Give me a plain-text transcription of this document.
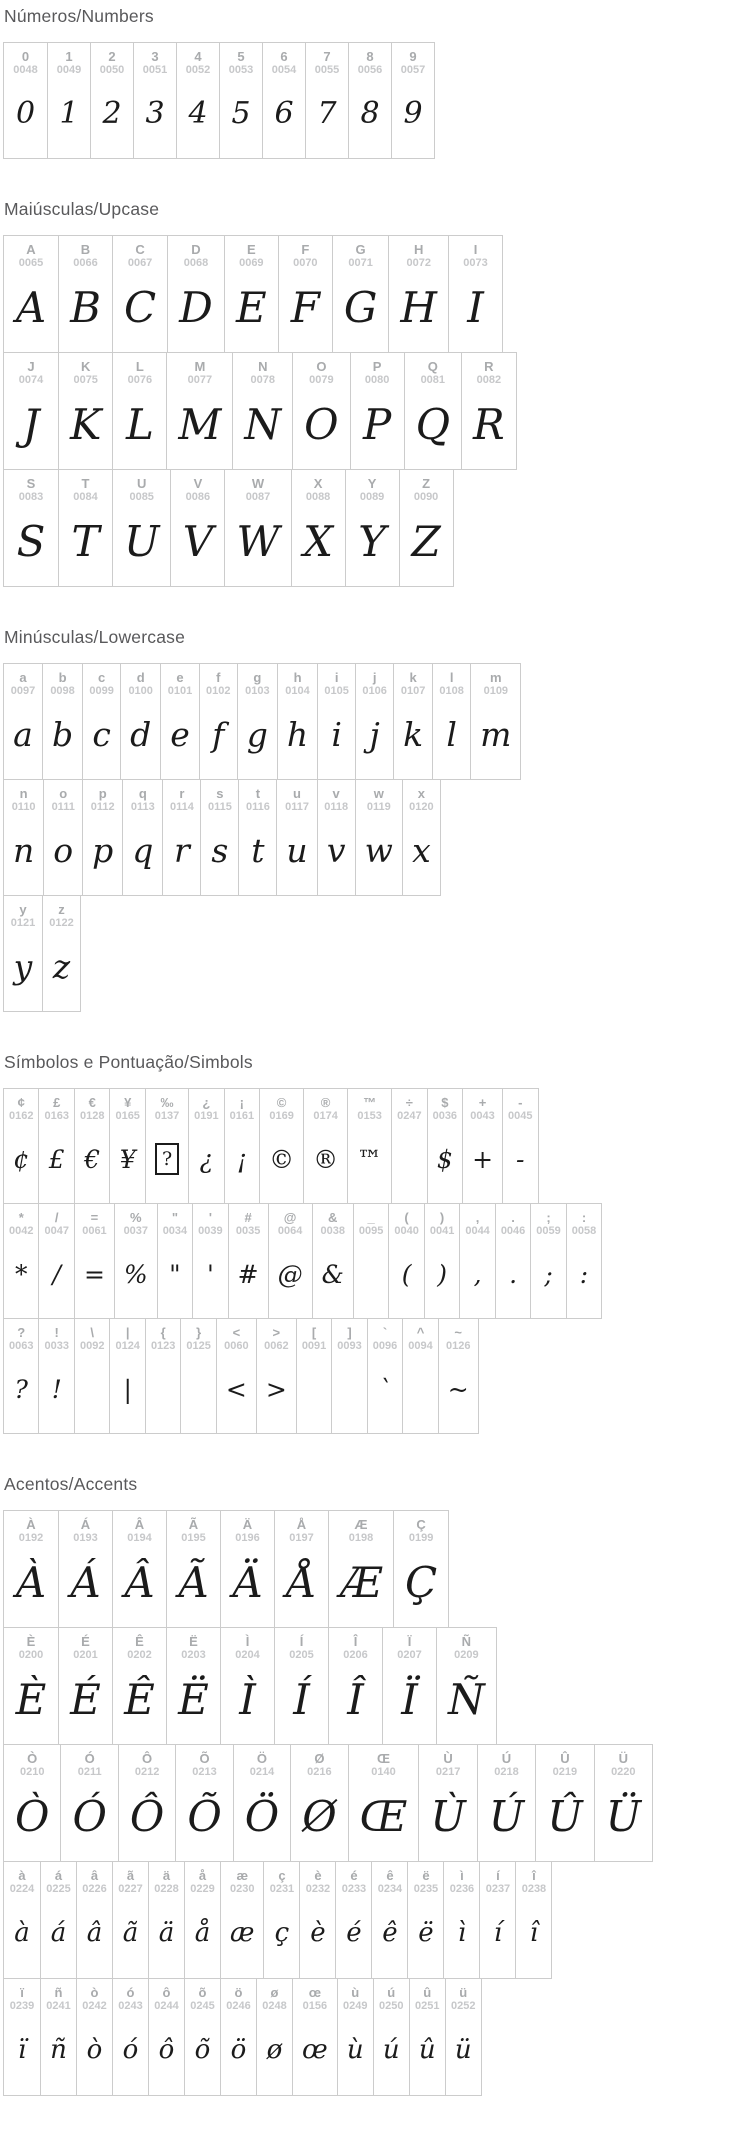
Números/Numbers
0
0048
0
1
0049
1
2
0050
2
3
0051
3
4
0052
4
5
0053
5
6
0054
6
7
0055
7
8
0056
8
9
0057
9
Maiúsculas/Upcase
A
0065
A
B
0066
B
C
0067
C
D
0068
D
E
0069
E
F
0070
F
G
0071
G
H
0072
H
I
0073
I
J
0074
J
K
0075
K
L
0076
L
M
0077
M
N
0078
N
O
0079
O
P
0080
P
Q
0081
Q
R
0082
R
S
0083
S
T
0084
T
U
0085
U
V
0086
V
W
0087
W
X
0088
X
Y
0089
Y
Z
0090
Z
Minúsculas/Lowercase
a
0097
a
b
0098
b
c
0099
c
d
0100
d
e
0101
e
f
0102
f
g
0103
g
h
0104
h
i
0105
i
j
0106
j
k
0107
k
l
0108
l
m
0109
m
n
0110
n
o
0111
o
p
0112
p
q
0113
q
r
0114
r
s
0115
s
t
0116
t
u
0117
u
v
0118
v
w
0119
w
x
0120
x
y
0121
y
z
0122
z
Símbolos e Pontuação/Simbols
¢
0162
¢
£
0163
£
€
0128
€
¥
0165
¥
‰
0137
?
¿
0191
¿
¡
0161
¡
©
0169
©
®
0174
®
™
0153
™
÷
0247
$
0036
$
+
0043
+
-
0045
-
*
0042
*
/
0047
/
=
0061
=
%
0037
%
"
0034
"
'
0039
'
#
0035
#
@
0064
@
&
0038
&
_
0095
(
0040
(
)
0041
)
,
0044
,
.
0046
.
;
0059
;
:
0058
:
?
0063
?
!
0033
!
\
0092
|
0124
|
{
0123
}
0125
<
0060
<
>
0062
>
[
0091
]
0093
`
0096
`
^
0094
~
0126
~
Acentos/Accents
À
0192
À
Á
0193
Á
Â
0194
Â
Ã
0195
Ã
Ä
0196
Ä
Å
0197
Å
Æ
0198
Æ
Ç
0199
Ç
È
0200
È
É
0201
É
Ê
0202
Ê
Ë
0203
Ë
Ì
0204
Ì
Í
0205
Í
Î
0206
Î
Ï
0207
Ï
Ñ
0209
Ñ
Ò
0210
Ò
Ó
0211
Ó
Ô
0212
Ô
Õ
0213
Õ
Ö
0214
Ö
Ø
0216
Ø
Œ
0140
Œ
Ù
0217
Ù
Ú
0218
Ú
Û
0219
Û
Ü
0220
Ü
à
0224
à
á
0225
á
â
0226
â
ã
0227
ã
ä
0228
ä
å
0229
å
æ
0230
æ
ç
0231
ç
è
0232
è
é
0233
é
ê
0234
ê
ë
0235
ë
ì
0236
ì
í
0237
í
î
0238
î
ï
0239
ï
ñ
0241
ñ
ò
0242
ò
ó
0243
ó
ô
0244
ô
õ
0245
õ
ö
0246
ö
ø
0248
ø
œ
0156
œ
ù
0249
ù
ú
0250
ú
û
0251
û
ü
0252
ü
